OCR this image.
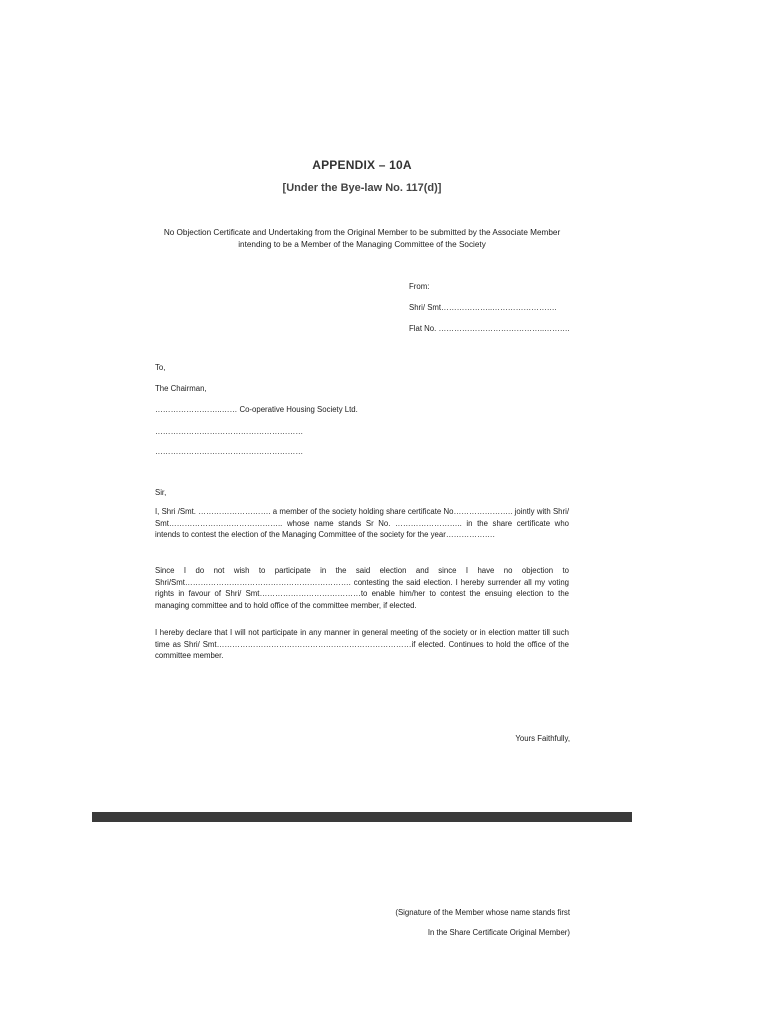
APPENDIX – 10A
[Under the Bye-law No. 117(d)]
No Objection Certificate and Undertaking from the Original Member to be submitted by the Associate Member intending to be a Member of the Managing Committee of the Society
From:
Shri/ Smt………………..…………………….
Flat No. …………………………………..……….
To,
The Chairman,
……………………..…… Co-operative Housing Society Ltd.
…………………………………………………
…………………………………………………
Sir,
I, Shri /Smt. ………………………. a member of the society holding share certificate No………………….. jointly with Shri/ Smt…………………………………….. whose name stands Sr No. …………………….. in the share certificate who intends to contest the election of the Managing Committee of the society for the year……………….
Since I do not wish to participate in the said election and since I have no objection to Shri/Smt………………………………………………………. contesting the said election. I hereby surrender all my voting rights in favour of Shri/ Smt…………………………………to enable him/her to contest the ensuing election to the managing committee and to hold office of the committee member, if elected.
I hereby declare that I will not participate in any manner in general meeting of the society or in election matter till such time as Shri/ Smt…………………………………………………………………if elected. Continues to hold the office of the committee member.
Yours Faithfully,
(Signature of the Member whose name stands first
In the Share Certificate Original Member)
